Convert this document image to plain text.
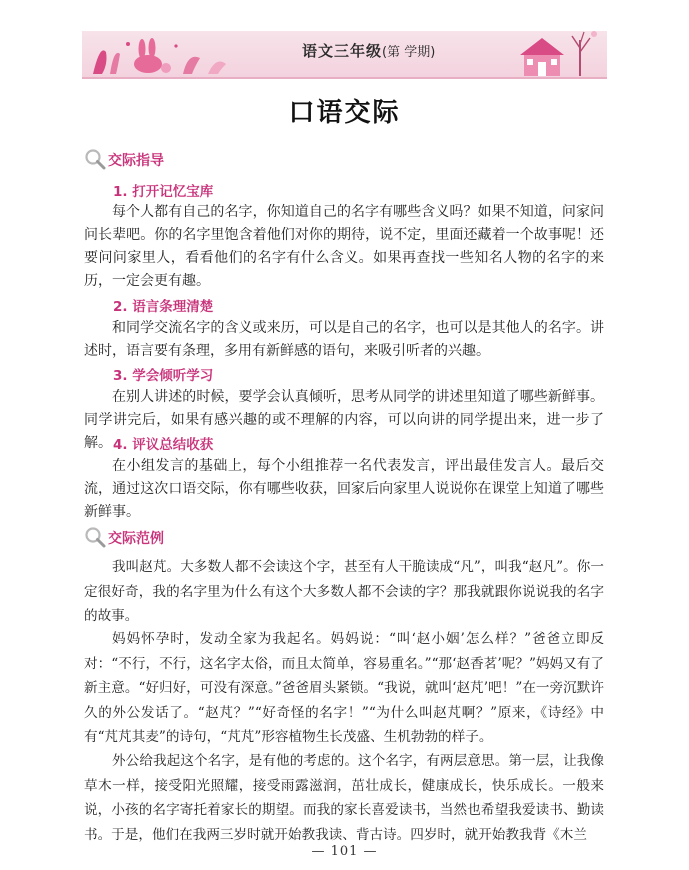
语文三年级(第 学期)
口语交际
交际指导
1. 打开记忆宝库
每个人都有自己的名字，你知道自己的名字有哪些含义吗？如果不知道，问家问问长辈吧。你的名字里饱含着他们对你的期待，说不定，里面还藏着一个故事呢！还要问问家里人，看看他们的名字有什么含义。如果再查找一些知名人物的名字的来历，一定会更有趣。
2. 语言条理清楚
和同学交流名字的含义或来历，可以是自己的名字，也可以是其他人的名字。讲述时，语言要有条理，多用有新鲜感的语句，来吸引听者的兴趣。
3. 学会倾听学习
在别人讲述的时候，要学会认真倾听，思考从同学的讲述里知道了哪些新鲜事。同学讲完后，如果有感兴趣的或不理解的内容，可以向讲的同学提出来，进一步了解。 4. 评议总结收获
在小组发言的基础上，每个小组推荐一名代表发言，评出最佳发言人。最后交流，通过这次口语交际，你有哪些收获，回家后向家里人说说你在课堂上知道了哪些新鲜事。
交际范例
我叫赵芃。大多数人都不会读这个字，甚至有人干脆读成“凡”，叫我“赵凡”。你一定很好奇，我的名字里为什么有这个大多数人都不会读的字？那我就跟你说说我的名字的故事。
妈妈怀孕时，发动全家为我起名。妈妈说：“叫‘赵小姻’怎么样？”爸爸立即反对：“不行，不行，这名字太俗，而且太简单，容易重名。”“那‘赵香茗’呢？”妈妈又有了新主意。“好归好，可没有深意。”爸爸眉头紧锁。“我说，就叫‘赵芃’吧！”在一旁沉默许久的外公发话了。“赵芃？”“好奇怪的名字！”“为什么叫赵芃啊？”原来，《诗经》中有“芃芃其麦”的诗句，“芃芃”形容植物生长茂盛、生机勃勃的样子。
外公给我起这个名字，是有他的考虑的。这个名字，有两层意思。第一层，让我像草木一样，接受阳光照耀，接受雨露滋润，茁壮成长，健康成长，快乐成长。一般来说，小孩的名字寄托着家长的期望。而我的家长喜爱读书，当然也希望我爱读书、勤读书。于是，他们在我两三岁时就开始教我读、背古诗。四岁时，就开始教我背《木兰
— 101 —
